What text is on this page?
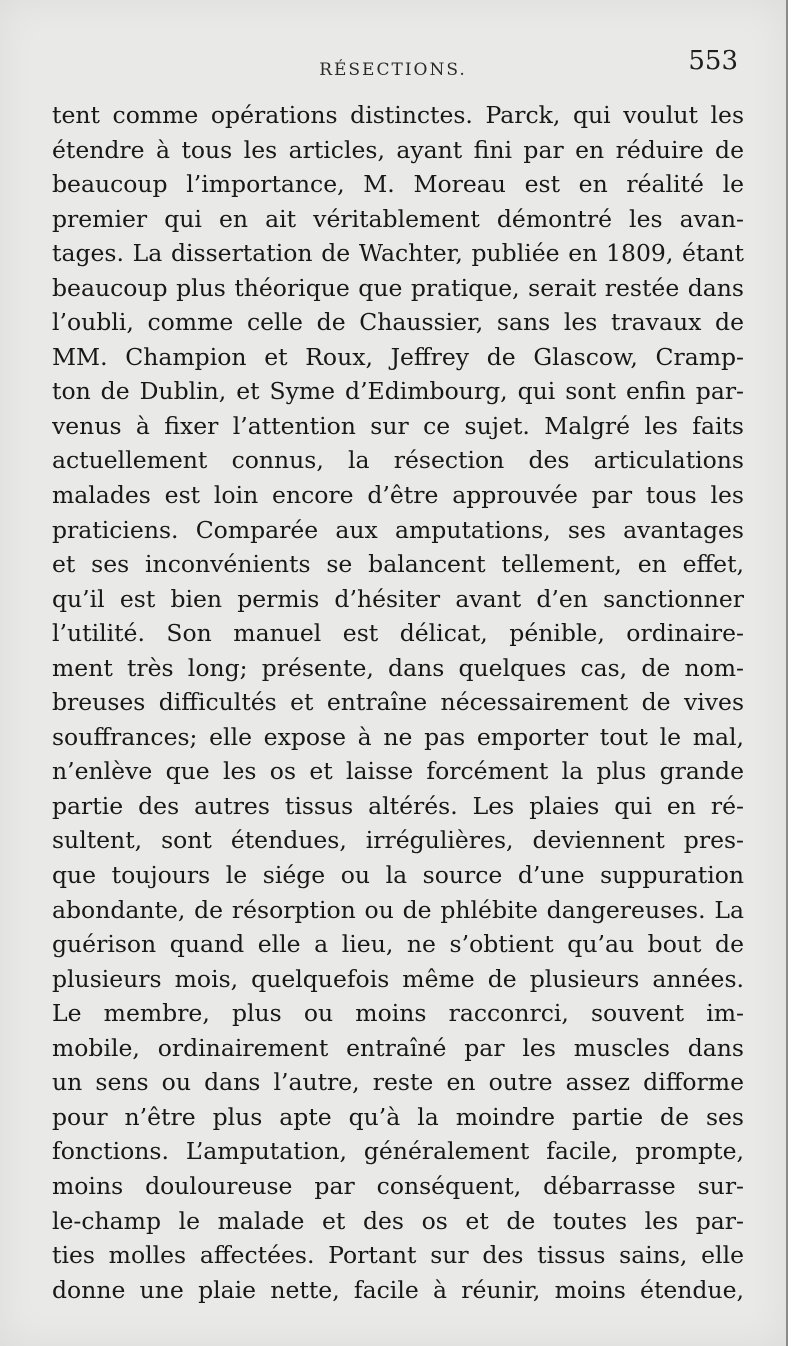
RÉSECTIONS.	553
tent comme opérations distinctes. Parck, qui voulut les
étendre à tous les articles, ayant fini par en réduire de
beaucoup l’importance, M. Moreau est en réalité le
premier qui en ait véritablement démontré les avan-
tages. La dissertation de Wachter, publiée en 1809, étant
beaucoup plus théorique que pratique, serait restée dans
l’oubli, comme celle de Chaussier, sans les travaux de
MM. Champion et Roux, Jeffrey de Glascow, Cramp-
ton de Dublin, et Syme d’Edimbourg, qui sont enfin par-
venus à fixer l’attention sur ce sujet. Malgré les faits
actuellement connus, la résection des articulations
malades est loin encore d’être approuvée par tous les
praticiens. Comparée aux amputations, ses avantages
et ses inconvénients se balancent tellement, en effet,
qu’il est bien permis d’hésiter avant d’en sanctionner
l’utilité. Son manuel est délicat, pénible, ordinaire-
ment très long; présente, dans quelques cas, de nom-
breuses difficultés et entraîne nécessairement de vives
souffrances; elle expose à ne pas emporter tout le mal,
n’enlève que les os et laisse forcément la plus grande
partie des autres tissus altérés. Les plaies qui en ré-
sultent, sont étendues, irrégulières, deviennent pres-
que toujours le siége ou la source d’une suppuration
abondante, de résorption ou de phlébite dangereuses. La
guérison quand elle a lieu, ne s’obtient qu’au bout de
plusieurs mois, quelquefois même de plusieurs années.
Le membre, plus ou moins racconrci, souvent im-
mobile, ordinairement entraîné par les muscles dans
un sens ou dans l’autre, reste en outre assez difforme
pour n’être plus apte qu’à la moindre partie de ses
fonctions. L’amputation, généralement facile, prompte,
moins douloureuse par conséquent, débarrasse sur-
le-champ le malade et des os et de toutes les par-
ties molles affectées. Portant sur des tissus sains, elle
donne une plaie nette, facile à réunir, moins étendue,
